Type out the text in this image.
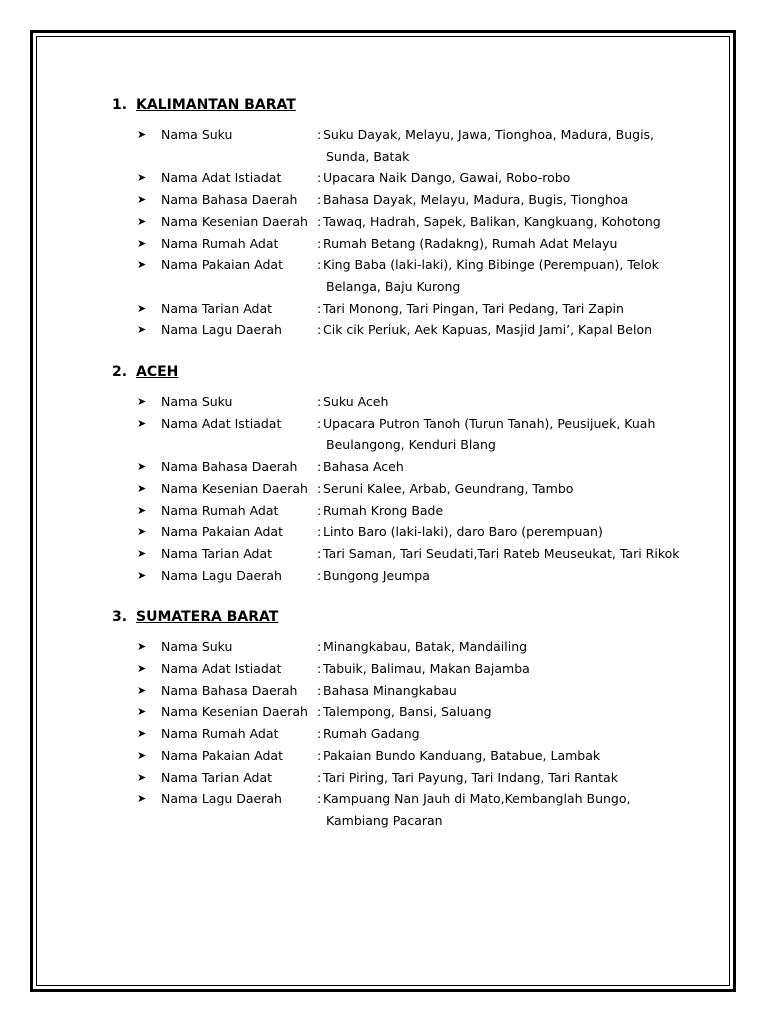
1. KALIMANTAN BARAT
➤	Nama Suku	: Suku Dayak, Melayu, Jawa, Tionghoa, Madura, Bugis,
Sunda, Batak
➤	Nama Adat Istiadat	: Upacara Naik Dango, Gawai, Robo-robo
➤	Nama Bahasa Daerah	: Bahasa Dayak, Melayu, Madura, Bugis, Tionghoa
➤	Nama Kesenian Daerah : Tawaq, Hadrah, Sapek, Balikan, Kangkuang, Kohotong
➤	Nama Rumah Adat	: Rumah Betang (Radakng), Rumah Adat Melayu
➤	Nama Pakaian Adat	: King Baba (laki-laki), King Bibinge (Perempuan), Telok
Belanga, Baju Kurong
➤	Nama Tarian Adat	: Tari Monong, Tari Pingan, Tari Pedang, Tari Zapin
➤	Nama Lagu Daerah	: Cik cik Periuk, Aek Kapuas, Masjid Jami’, Kapal Belon
2. ACEH
➤	Nama Suku	: Suku Aceh
➤	Nama Adat Istiadat	: Upacara Putron Tanoh (Turun Tanah), Peusijuek, Kuah
Beulangong, Kenduri Blang
➤	Nama Bahasa Daerah	: Bahasa Aceh
➤	Nama Kesenian Daerah : Seruni Kalee, Arbab, Geundrang, Tambo
➤	Nama Rumah Adat	: Rumah Krong Bade
➤	Nama Pakaian Adat	: Linto Baro (laki-laki), daro Baro (perempuan)
➤	Nama Tarian Adat	: Tari Saman, Tari Seudati,Tari Rateb Meuseukat, Tari Rikok
➤	Nama Lagu Daerah	: Bungong Jeumpa
3. SUMATERA BARAT
➤	Nama Suku	: Minangkabau, Batak, Mandailing
➤	Nama Adat Istiadat	: Tabuik, Balimau, Makan Bajamba
➤	Nama Bahasa Daerah	: Bahasa Minangkabau
➤	Nama Kesenian Daerah : Talempong, Bansi, Saluang
➤	Nama Rumah Adat	: Rumah Gadang
➤	Nama Pakaian Adat	: Pakaian Bundo Kanduang, Batabue, Lambak
➤	Nama Tarian Adat	: Tari Piring, Tari Payung, Tari Indang, Tari Rantak
➤	Nama Lagu Daerah	: Kampuang Nan Jauh di Mato,Kembanglah Bungo,
Kambiang Pacaran
